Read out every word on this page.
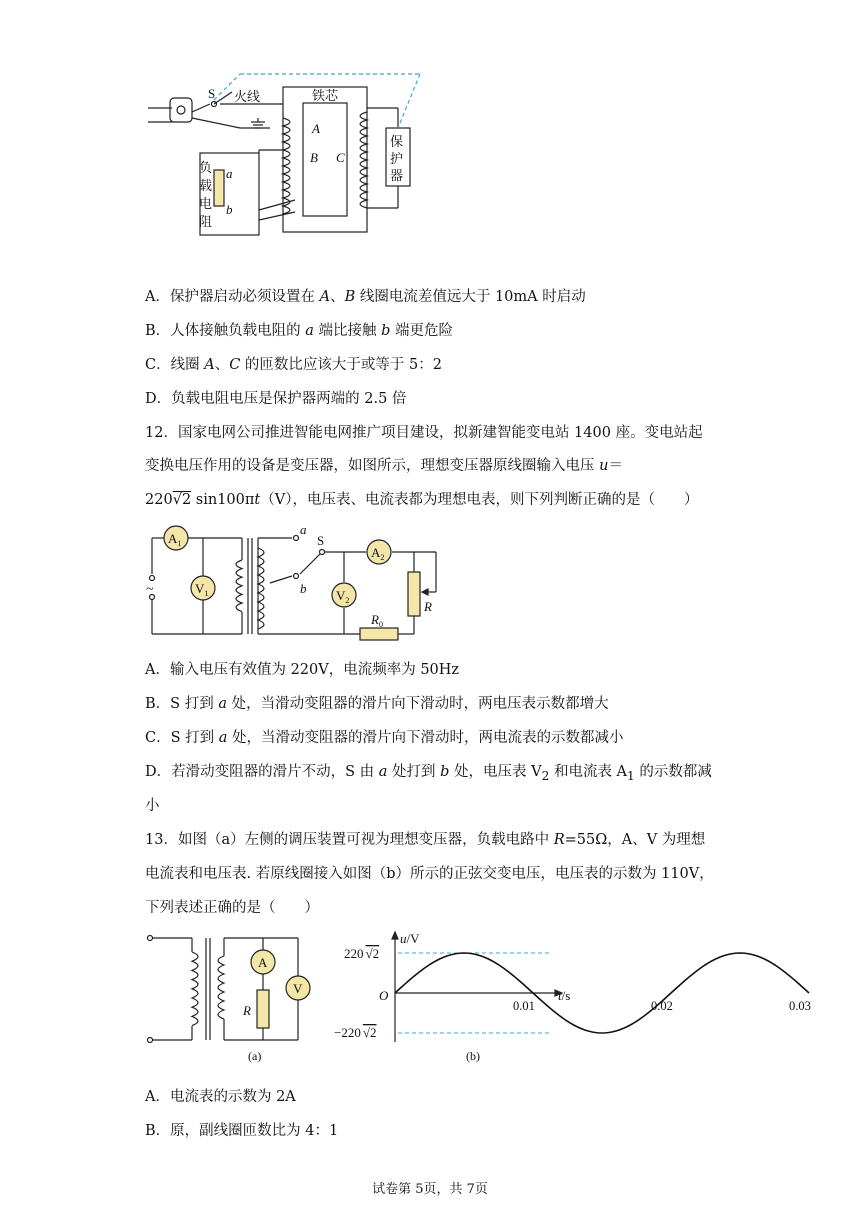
S 火线	铁芯
A
B C
保
护
器
负
载
电
阻
a
b
A．保护器启动必须设置在 A、B 线圈电流差值远大于 10mA 时启动
B．人体接触负载电阻的 a 端比接触 b 端更危险
C．线圈 A、C 的匝数比应该大于或等于 5：2
D．负载电阻电压是保护器两端的 2.5 倍
12．国家电网公司推进智能电网推广项目建设，拟新建智能变电站 1400 座。变电站起
变换电压作用的设备是变压器，如图所示，理想变压器原线圈输入电压 u＝
220√2 sin100πt（V），电压表、电流表都为理想电表，则下列判断正确的是（　　）
$A_1$
$V_1$
$A_2$
$V_2$
S
a
b
R
$R_0$
~
A．输入电压有效值为 220V，电流频率为 50Hz
B．S 打到 a 处，当滑动变阻器的滑片向下滑动时，两电压表示数都增大
C．S 打到 a 处，当滑动变阻器的滑片向下滑动时，两电流表的示数都减小
D．若滑动变阻器的滑片不动，S 由 a 处打到 b 处，电压表 $V_2$ 和电流表 $A_1$ 的示数都减
小
13．如图（a）左侧的调压装置可视为理想变压器，负载电路中 R=55Ω，A、V 为理想
电流表和电压表. 若原线圈接入如图（b）所示的正弦交变电压，电压表的示数为 110V，
下列表述正确的是（　　）
A
V
R
(a)
0.01	0.02	0.03
u/V
220 √2
−220 √2
O	t/s
(b)
A．电流表的示数为 2A
B．原，副线圈匝数比为 4：1
试卷第 5页，共 7页
